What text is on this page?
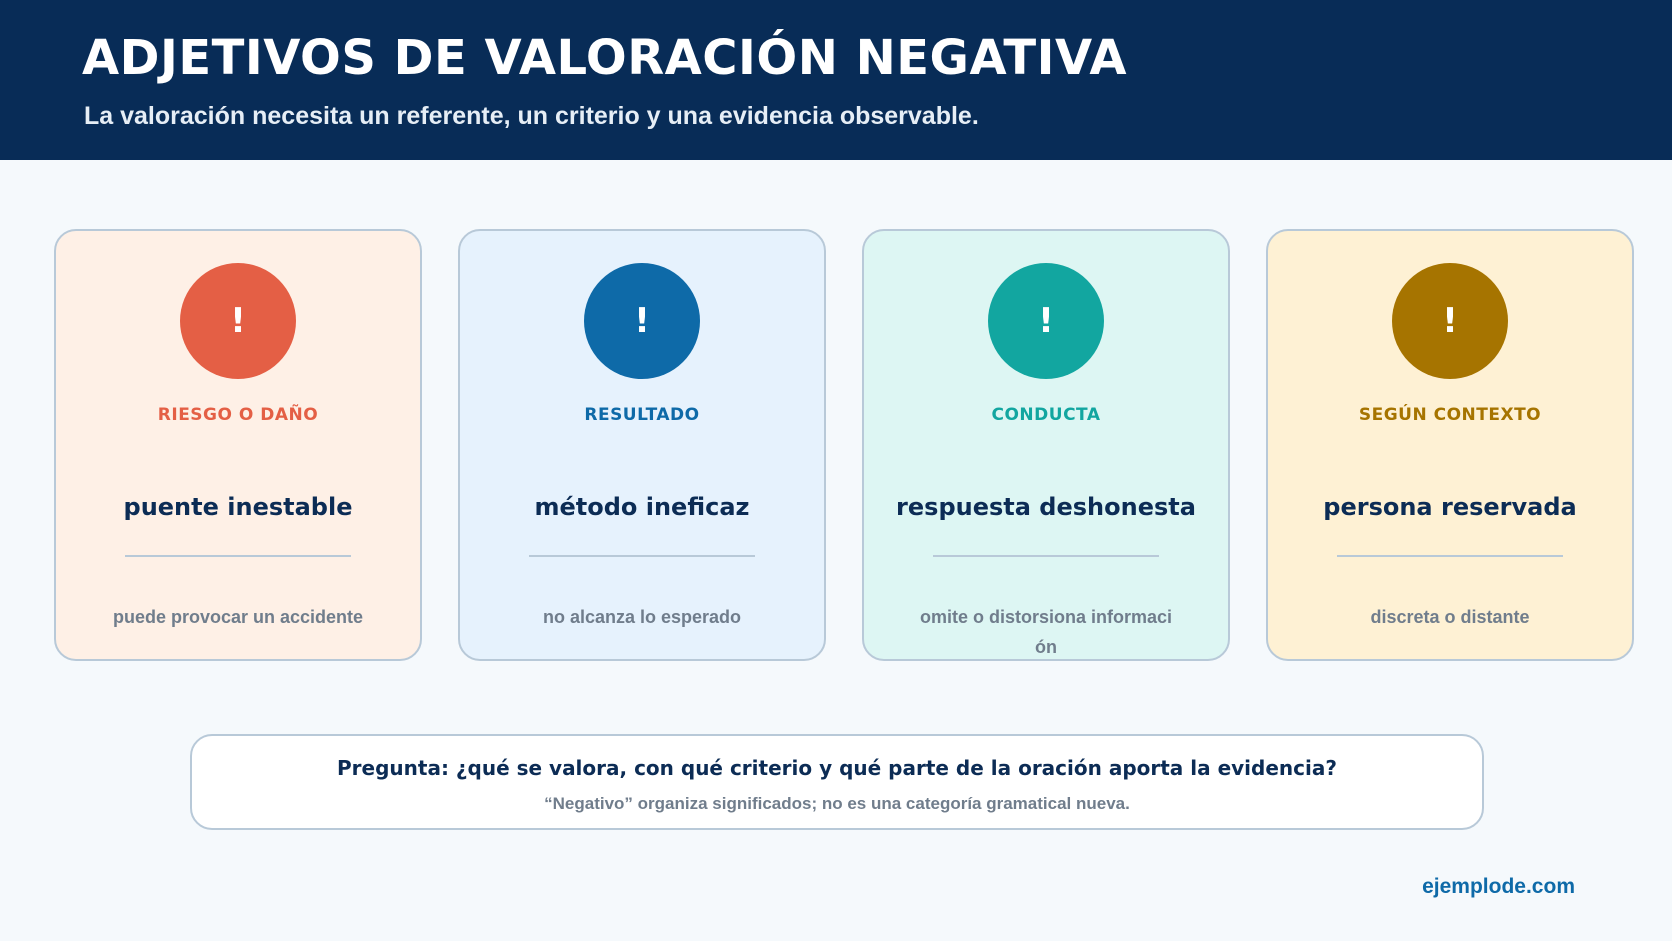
ADJETIVOS DE VALORACIÓN NEGATIVA

La valoración necesita un referente, un criterio y una evidencia observable.

!
RIESGO O DAÑO
puente inestable
puede provocar un accidente
!
RESULTADO
método ineficaz
no alcanza lo esperado
!
CONDUCTA
respuesta deshonesta
omite o distorsiona informaci ón
!
SEGÚN CONTEXTO
persona reservada
discreta o distante
Pregunta: ¿qué se valora, con qué criterio y qué parte de la oración aporta la evidencia?
“Negativo” organiza significados; no es una categoría gramatical nueva.
ejemplode.com
